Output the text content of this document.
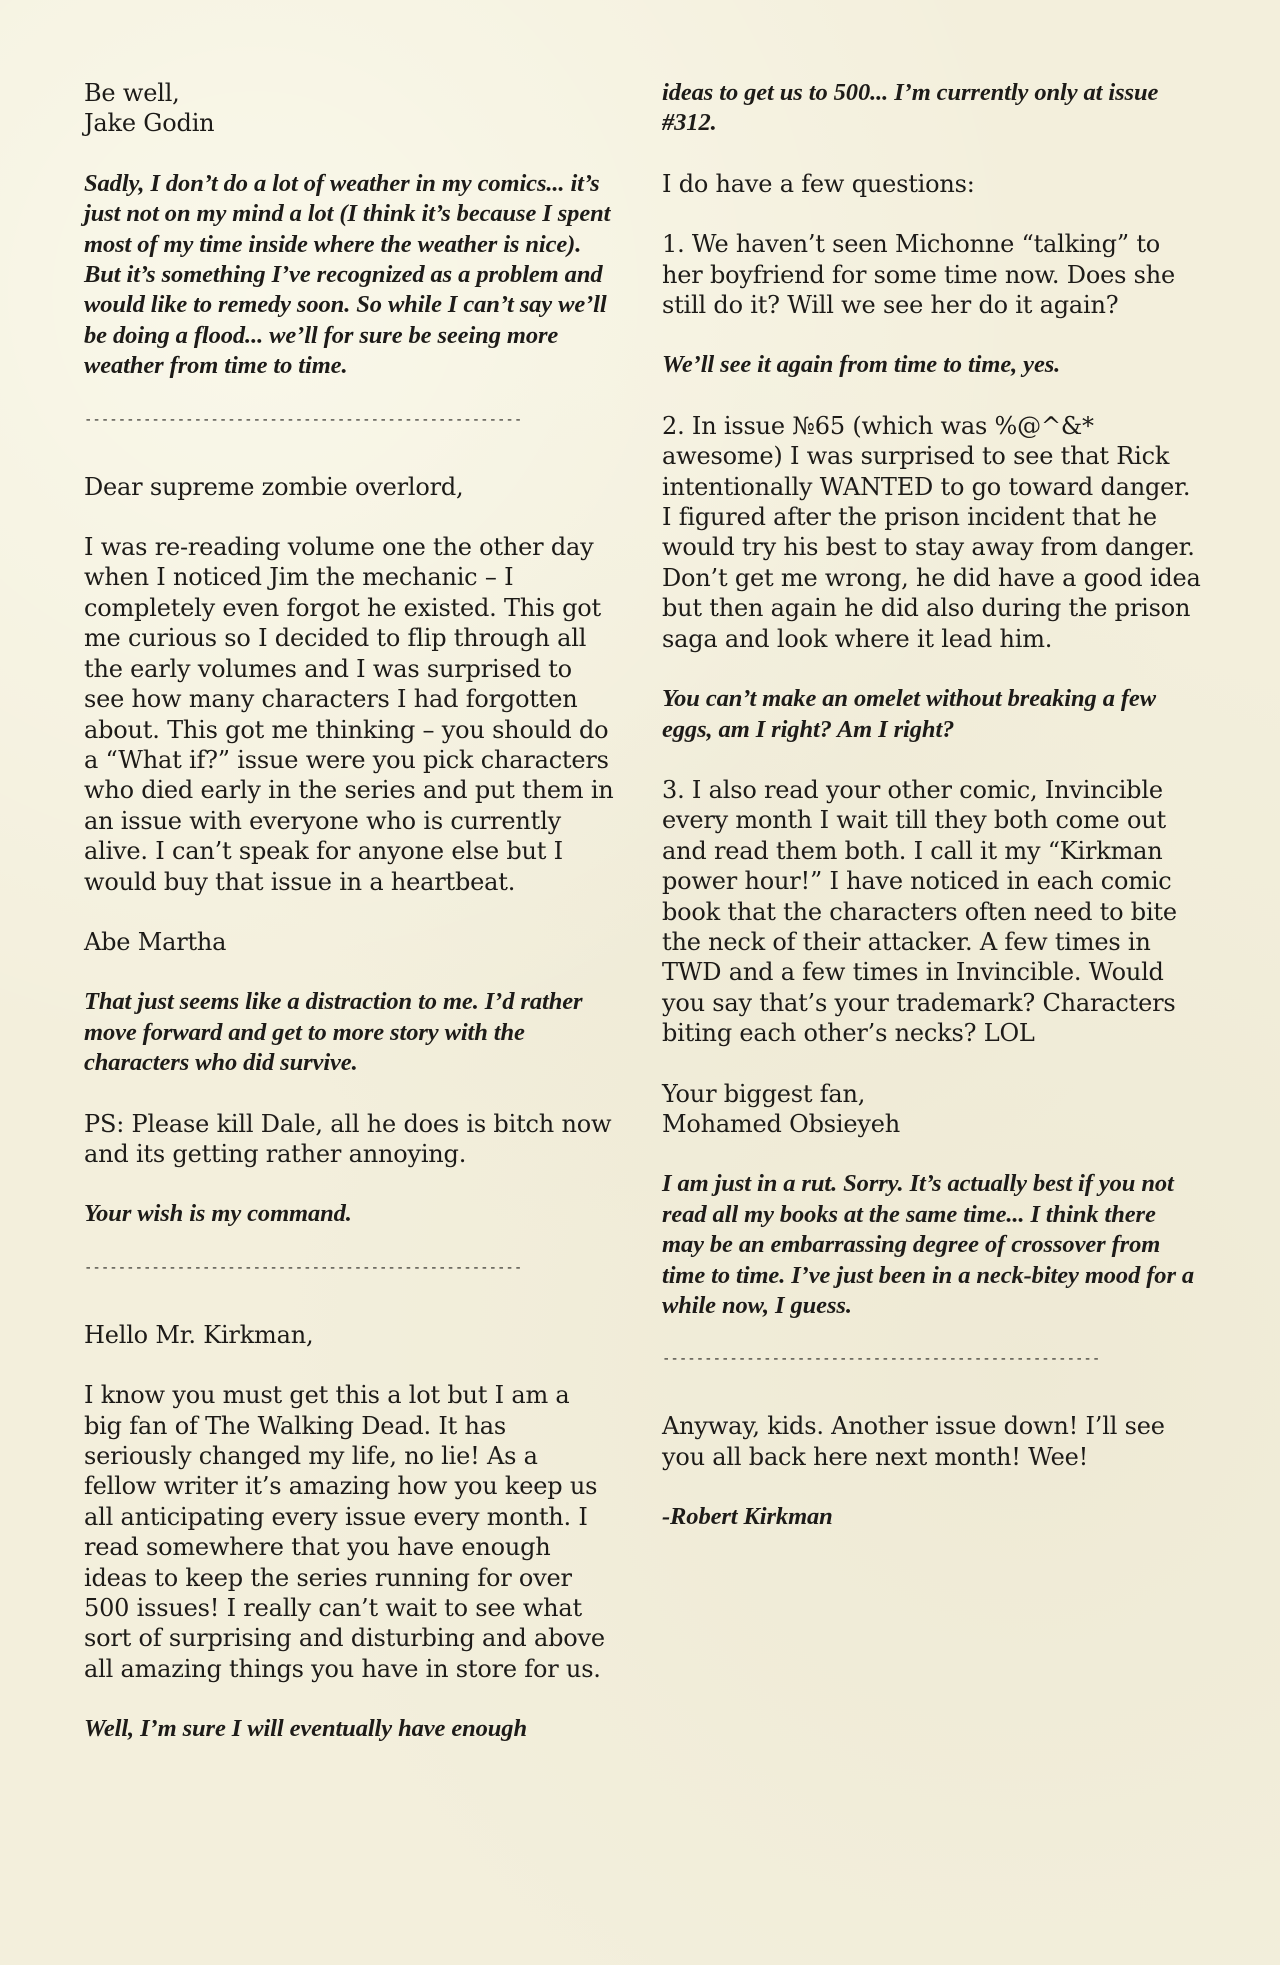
Be well,
Jake Godin

Sadly, I don’t do a lot of weather in my comics... it’s just not on my mind a lot (I think it’s because I spent most of my time inside where the weather is nice). But it’s something I’ve recognized as a problem and would like to remedy soon. So while I can’t say we’ll be doing a flood... we’ll for sure be seeing more weather from time to time.

----------------------------------------------------

Dear supreme zombie overlord,

I was re-reading volume one the other day when I noticed Jim the mechanic – I completely even forgot he existed. This got me curious so I decided to flip through all the early volumes and I was surprised to see how many characters I had forgotten about. This got me thinking – you should do a “What if?” issue were you pick characters who died early in the series and put them in an issue with everyone who is currently alive. I can’t speak for anyone else but I would buy that issue in a heartbeat.

Abe Martha

That just seems like a distraction to me. I’d rather move forward and get to more story with the characters who did survive.

PS: Please kill Dale, all he does is bitch now and its getting rather annoying.

Your wish is my command.

----------------------------------------------------

Hello Mr. Kirkman,

I know you must get this a lot but I am a big fan of The Walking Dead. It has seriously changed my life, no lie! As a fellow writer it’s amazing how you keep us all anticipating every issue every month. I read somewhere that you have enough ideas to keep the series running for over 500 issues! I really can’t wait to see what sort of surprising and disturbing and above all amazing things you have in store for us.

Well, I’m sure I will eventually have enough

ideas to get us to 500... I’m currently only at issue #312.

I do have a few questions:

1. We haven’t seen Michonne “talking” to her boyfriend for some time now. Does she still do it? Will we see her do it again?

We’ll see it again from time to time, yes.

2. In issue №65 (which was %@^&* awesome) I was surprised to see that Rick intentionally WANTED to go toward danger. I figured after the prison incident that he would try his best to stay away from danger. Don’t get me wrong, he did have a good idea but then again he did also during the prison saga and look where it lead him.

You can’t make an omelet without breaking a few eggs, am I right? Am I right?

3. I also read your other comic, Invincible every month I wait till they both come out and read them both. I call it my “Kirkman power hour!” I have noticed in each comic book that the characters often need to bite the neck of their attacker. A few times in TWD and a few times in Invincible. Would you say that’s your trademark? Characters biting each other’s necks? LOL

Your biggest fan,
Mohamed Obsieyeh

I am just in a rut. Sorry. It’s actually best if you not read all my books at the same time... I think there may be an embarrassing degree of crossover from time to time. I’ve just been in a neck-bitey mood for a while now, I guess.

----------------------------------------------------

Anyway, kids. Another issue down! I’ll see you all back here next month! Wee!

-Robert Kirkman
